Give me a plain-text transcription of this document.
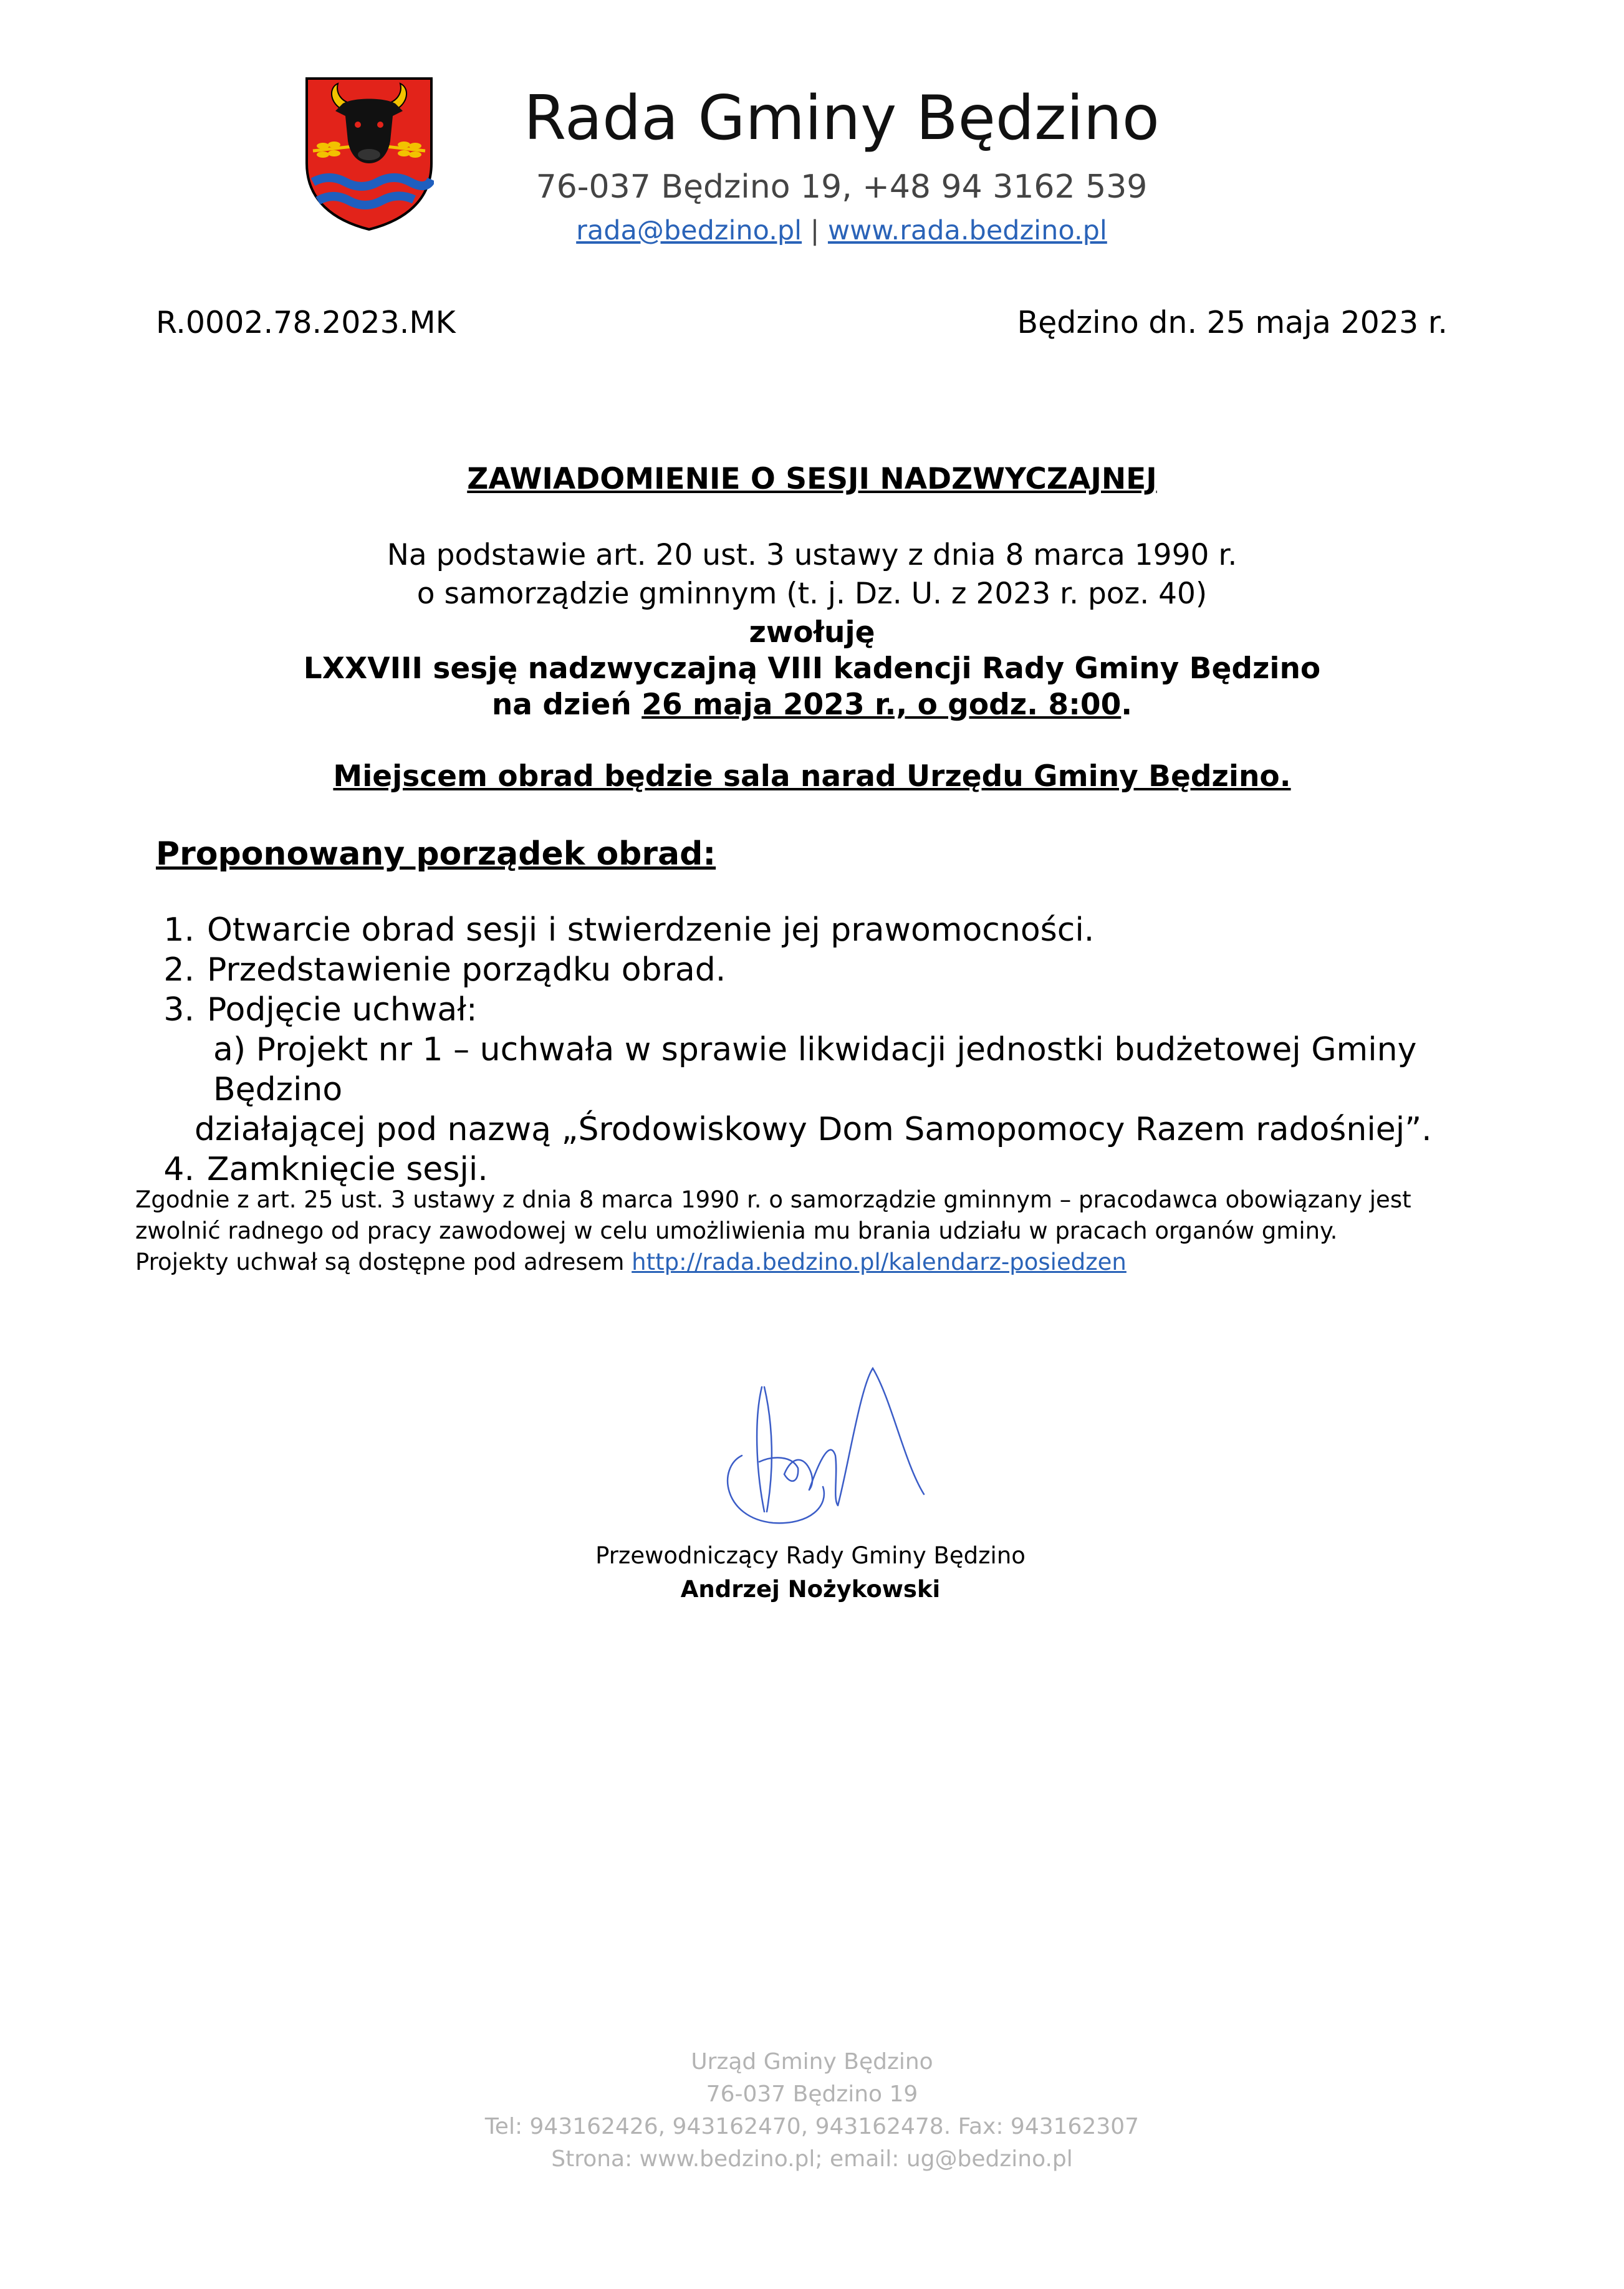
Rada Gminy Będzino
76-037 Będzino 19, +48 94 3162 539
rada@bedzino.pl | www.rada.bedzino.pl
R.0002.78.2023.MK	Będzino dn. 25 maja 2023 r.
ZAWIADOMIENIE O SESJI NADZWYCZAJNEJ
Na podstawie art. 20 ust. 3 ustawy z dnia 8 marca 1990 r.
o samorządzie gminnym (t. j. Dz. U. z 2023 r. poz. 40)
zwołuję
LXXVIII sesję nadzwyczajną VIII kadencji Rady Gminy Będzino
na dzień 26 maja 2023 r., o godz. 8:00.
Miejscem obrad będzie sala narad Urzędu Gminy Będzino.
Proponowany porządek obrad:
1. Otwarcie obrad sesji i stwierdzenie jej prawomocności.
2. Przedstawienie porządku obrad.
3. Podjęcie uchwał:
a) Projekt nr 1 – uchwała w sprawie likwidacji jednostki budżetowej Gminy Będzino
działającej pod nazwą „Środowiskowy Dom Samopomocy Razem radośniej”.
4. Zamknięcie sesji.
Zgodnie z art. 25 ust. 3 ustawy z dnia 8 marca 1990 r. o samorządzie gminnym – pracodawca obowiązany jest zwolnić radnego od pracy zawodowej w celu umożliwienia mu brania udziału w pracach organów gminy.
Projekty uchwał są dostępne pod adresem http://rada.bedzino.pl/kalendarz-posiedzen
Przewodniczący Rady Gminy Będzino
Andrzej Nożykowski
Urząd Gminy Będzino
76-037 Będzino 19
Tel: 943162426, 943162470, 943162478. Fax: 943162307
Strona: www.bedzino.pl; email: ug@bedzino.pl
